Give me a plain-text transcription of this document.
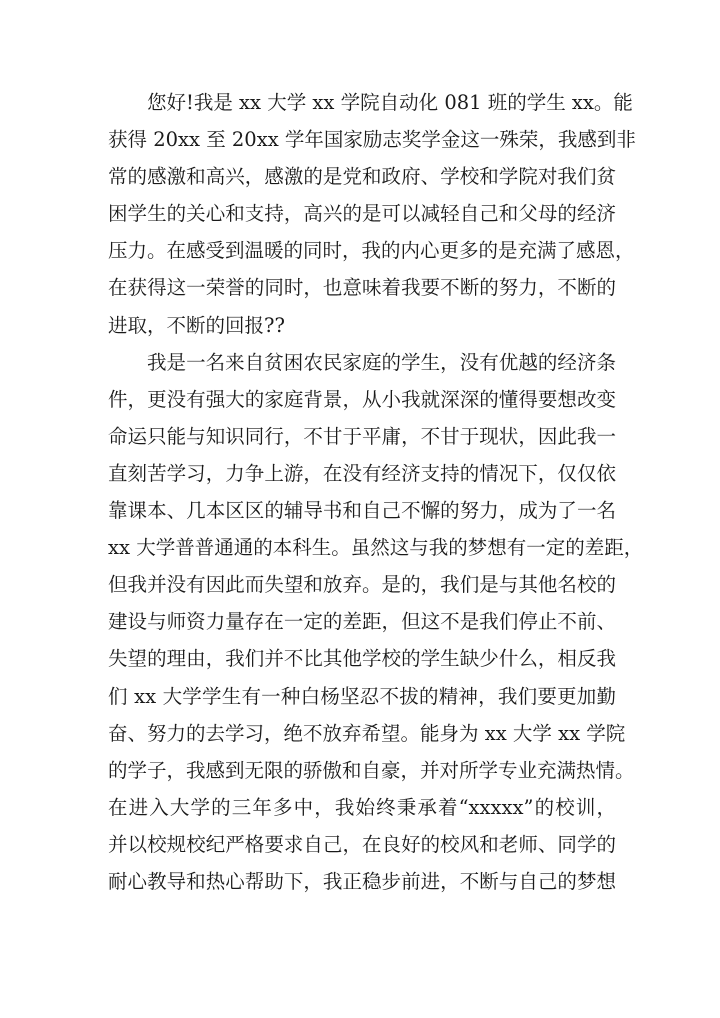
您好!我是 xx 大学 xx 学院自动化 081 班的学生 xx。能
获得 20xx 至 20xx 学年国家励志奖学金这一殊荣，我感到非
常的感激和高兴，感激的是党和政府、学校和学院对我们贫
困学生的关心和支持，高兴的是可以减轻自己和父母的经济
压力。在感受到温暖的同时，我的内心更多的是充满了感恩，
在获得这一荣誉的同时，也意味着我要不断的努力，不断的
进取，不断的回报??
我是一名来自贫困农民家庭的学生，没有优越的经济条
件，更没有强大的家庭背景，从小我就深深的懂得要想改变
命运只能与知识同行，不甘于平庸，不甘于现状，因此我一
直刻苦学习，力争上游，在没有经济支持的情况下，仅仅依
靠课本、几本区区的辅导书和自己不懈的努力，成为了一名
xx 大学普普通通的本科生。虽然这与我的梦想有一定的差距，
但我并没有因此而失望和放弃。是的，我们是与其他名校的
建设与师资力量存在一定的差距，但这不是我们停止不前、
失望的理由，我们并不比其他学校的学生缺少什么，相反我
们 xx 大学学生有一种白杨坚忍不拔的精神，我们要更加勤
奋、努力的去学习，绝不放弃希望。能身为 xx 大学 xx 学院
的学子，我感到无限的骄傲和自豪，并对所学专业充满热情。
在进入大学的三年多中，我始终秉承着“xxxxx”的校训，
并以校规校纪严格要求自己，在良好的校风和老师、同学的
耐心教导和热心帮助下，我正稳步前进，不断与自己的梦想
